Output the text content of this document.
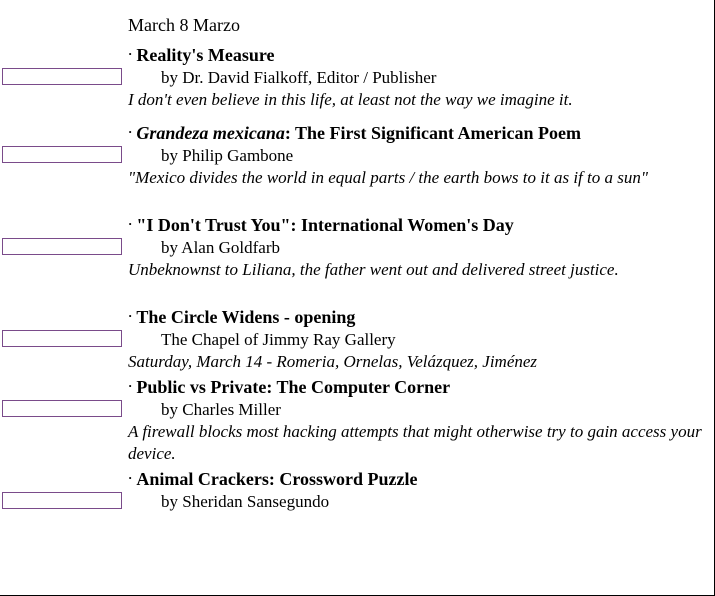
March 8 Marzo

· Reality's Measure

by Dr. David Fialkoff, Editor / Publisher

I don't even believe in this life, at least not the way we imagine it.

· Grandeza mexicana: The First Significant American Poem

by Philip Gambone

"Mexico divides the world in equal parts / the earth bows to it as if to a sun"

· "I Don't Trust You": International Women's Day

by Alan Goldfarb

Unbeknownst to Liliana, the father went out and delivered street justice.

· The Circle Widens - opening

The Chapel of Jimmy Ray Gallery

Saturday, March 14 - Romeria, Ornelas, Velázquez, Jiménez

· Public vs Private: The Computer Corner

by Charles Miller

A firewall blocks most hacking attempts that might otherwise try to gain access your device.

· Animal Crackers: Crossword Puzzle

by Sheridan Sansegundo
